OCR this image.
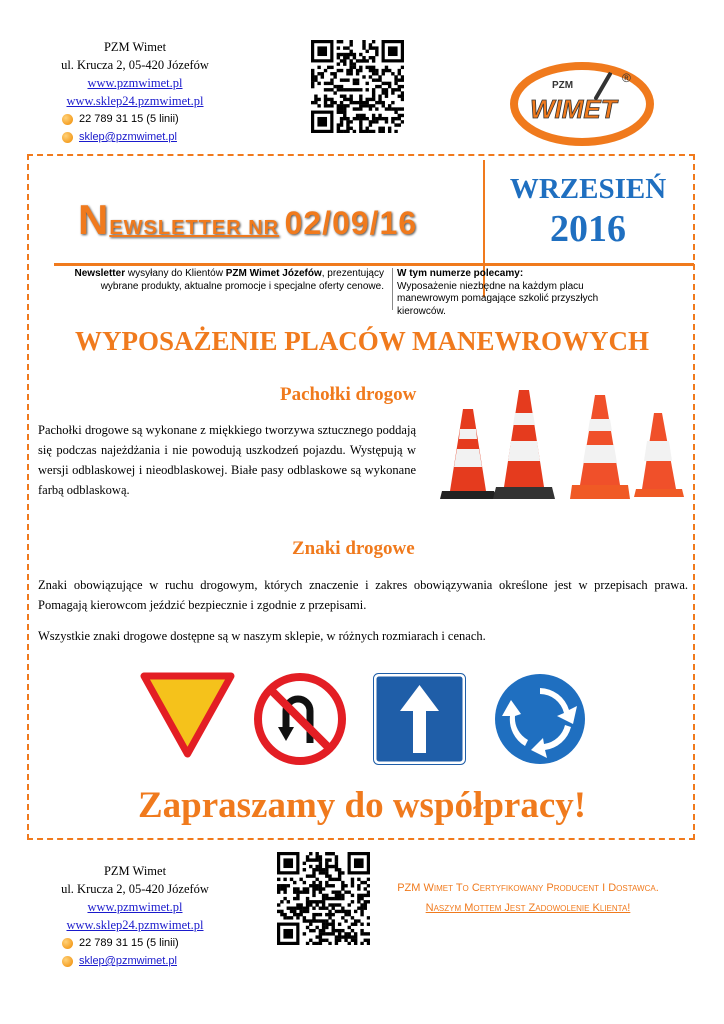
PZM Wimet
ul. Krucza 2, 05-420 Józefów
www.pzmwimet.pl
www.sklep24.pzmwimet.pl
22 789 31 15 (5 linii)
sklep@pzmwimet.pl
PZM
WIMET
®
NEWSLETTER NR 02/09/16
WRZESIEŃ
2016
Newsletter wysyłany do Klientów PZM Wimet Józefów, prezentujący wybrane produkty, aktualne promocje i specjalne oferty cenowe.
W tym numerze polecamy:
Wyposażenie niezbędne na każdym placu manewrowym pomagające szkolić przyszłych kierowców.
WYPOSAŻENIE PLACÓW MANEWROWYCH
Pachołki drogow
Pachołki drogowe są wykonane z miękkiego tworzywa sztucznego poddają się podczas najeżdżania i nie powodują uszkodzeń pojazdu. Występują w wersji odblaskowej i nieodblaskowej. Białe pasy odblaskowe są wykonane farbą odblaskową.
Znaki drogowe
Znaki obowiązujące w ruchu drogowym, których znaczenie i zakres obowiązywania określone jest w przepisach prawa. Pomagają kierowcom jeździć bezpiecznie i zgodnie z przepisami.
Wszystkie znaki drogowe dostępne są w naszym sklepie, w różnych rozmiarach i cenach.
Zapraszamy do współpracy!
PZM Wimet
ul. Krucza 2, 05-420 Józefów
www.pzmwimet.pl
www.sklep24.pzmwimet.pl
22 789 31 15 (5 linii)
sklep@pzmwimet.pl
PZM Wimet To Certyfikowany Producent I Dostawca.
Naszym Mottem Jest Zadowolenie Klienta!
